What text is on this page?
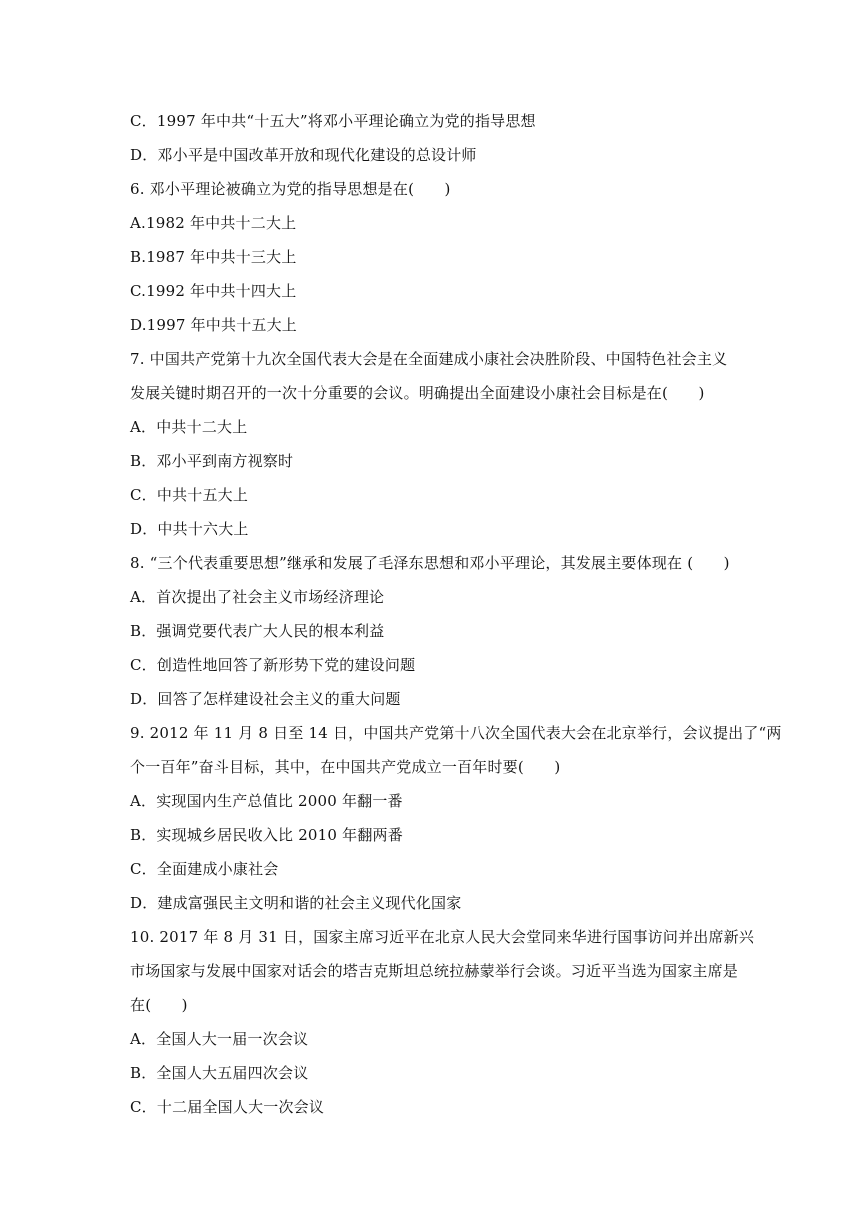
C．1997 年中共“十五大”将邓小平理论确立为党的指导思想
D．邓小平是中国改革开放和现代化建设的总设计师
6. 邓小平理论被确立为党的指导思想是在(　　)
A.1982 年中共十二大上
B.1987 年中共十三大上
C.1992 年中共十四大上
D.1997 年中共十五大上
7. 中国共产党第十九次全国代表大会是在全面建成小康社会决胜阶段、中国特色社会主义
发展关键时期召开的一次十分重要的会议。明确提出全面建设小康社会目标是在(　　)
A．中共十二大上
B．邓小平到南方视察时
C．中共十五大上
D．中共十六大上
8. “三个代表重要思想”继承和发展了毛泽东思想和邓小平理论，其发展主要体现在 (　　)
A．首次提出了社会主义市场经济理论
B．强调党要代表广大人民的根本利益
C．创造性地回答了新形势下党的建设问题
D．回答了怎样建设社会主义的重大问题
9. 2012 年 11 月 8 日至 14 日，中国共产党第十八次全国代表大会在北京举行，会议提出了“两
个一百年”奋斗目标，其中，在中国共产党成立一百年时要(　　)
A．实现国内生产总值比 2000 年翻一番
B．实现城乡居民收入比 2010 年翻两番
C．全面建成小康社会
D．建成富强民主文明和谐的社会主义现代化国家
10. 2017 年 8 月 31 日，国家主席习近平在北京人民大会堂同来华进行国事访问并出席新兴
市场国家与发展中国家对话会的塔吉克斯坦总统拉赫蒙举行会谈。习近平当选为国家主席是
在(　　)
A．全国人大一届一次会议
B．全国人大五届四次会议
C．十二届全国人大一次会议
